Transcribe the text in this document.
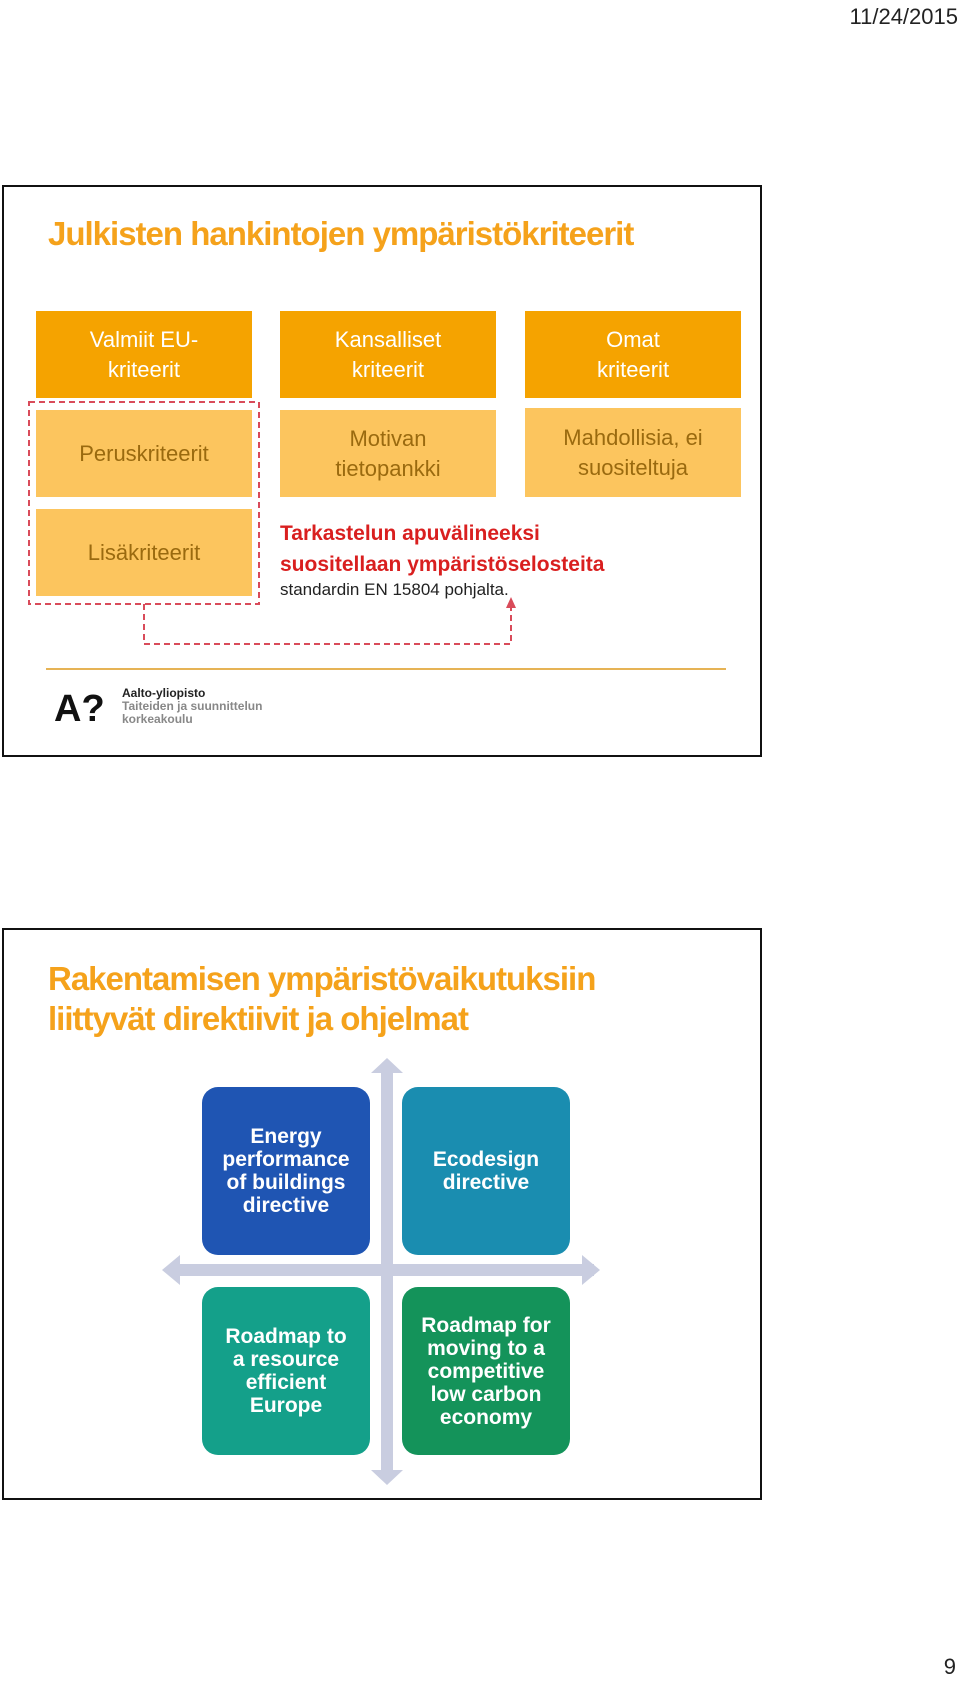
11/24/2015
Julkisten hankintojen ympäristökriteerit
Valmiit EU-
kriteerit
Kansalliset
kriteerit
Omat
kriteerit
Peruskriteerit
Motivan
tietopankki
Mahdollisia, ei
suositeltuja
Lisäkriteerit
Tarkastelun apuvälineeksi
suositellaan ympäristöselosteita
standardin EN 15804 pohjalta.
A? Aalto-yliopisto
Taiteiden ja suunnittelun
korkeakoulu
Rakentamisen ympäristövaikutuksiin
liittyvät direktiivit ja ohjelmat
Energy
performance
of buildings
directive
Ecodesign
directive
Roadmap to
a resource
efficient
Europe
Roadmap for
moving to a
competitive
low carbon
economy
9
